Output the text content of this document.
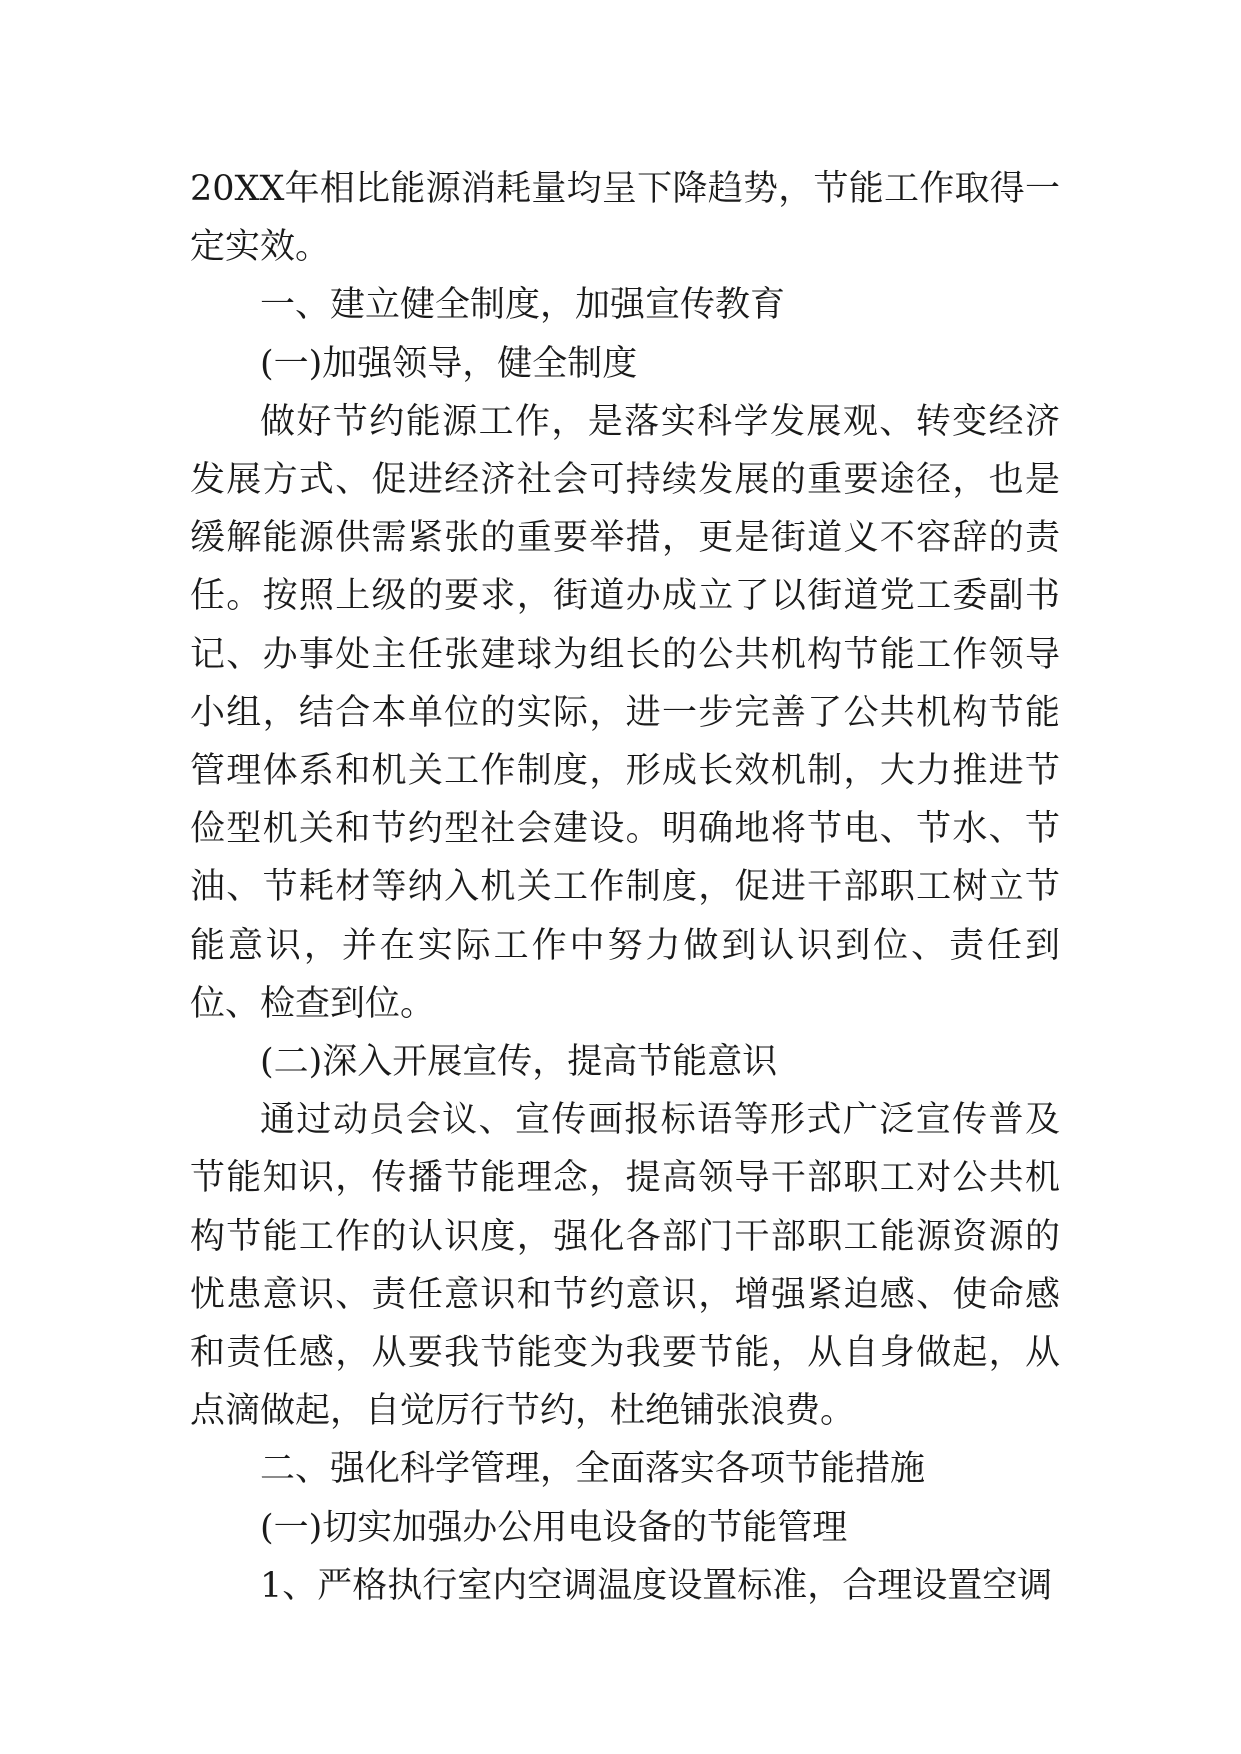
20XX年相比能源消耗量均呈下降趋势，节能工作取得一定实效。

一、建立健全制度，加强宣传教育

(一)加强领导，健全制度

做好节约能源工作，是落实科学发展观、转变经济发展方式、促进经济社会可持续发展的重要途径，也是缓解能源供需紧张的重要举措，更是街道义不容辞的责任。按照上级的要求，街道办成立了以街道党工委副书记、办事处主任张建球为组长的公共机构节能工作领导小组，结合本单位的实际，进一步完善了公共机构节能管理体系和机关工作制度，形成长效机制，大力推进节俭型机关和节约型社会建设。明确地将节电、节水、节油、节耗材等纳入机关工作制度，促进干部职工树立节能意识，并在实际工作中努力做到认识到位、责任到位、检查到位。

(二)深入开展宣传，提高节能意识

通过动员会议、宣传画报标语等形式广泛宣传普及节能知识，传播节能理念，提高领导干部职工对公共机构节能工作的认识度，强化各部门干部职工能源资源的忧患意识、责任意识和节约意识，增强紧迫感、使命感和责任感，从要我节能变为我要节能，从自身做起，从点滴做起，自觉厉行节约，杜绝铺张浪费。

二、强化科学管理，全面落实各项节能措施

(一)切实加强办公用电设备的节能管理

1、严格执行室内空调温度设置标准，合理设置空调
